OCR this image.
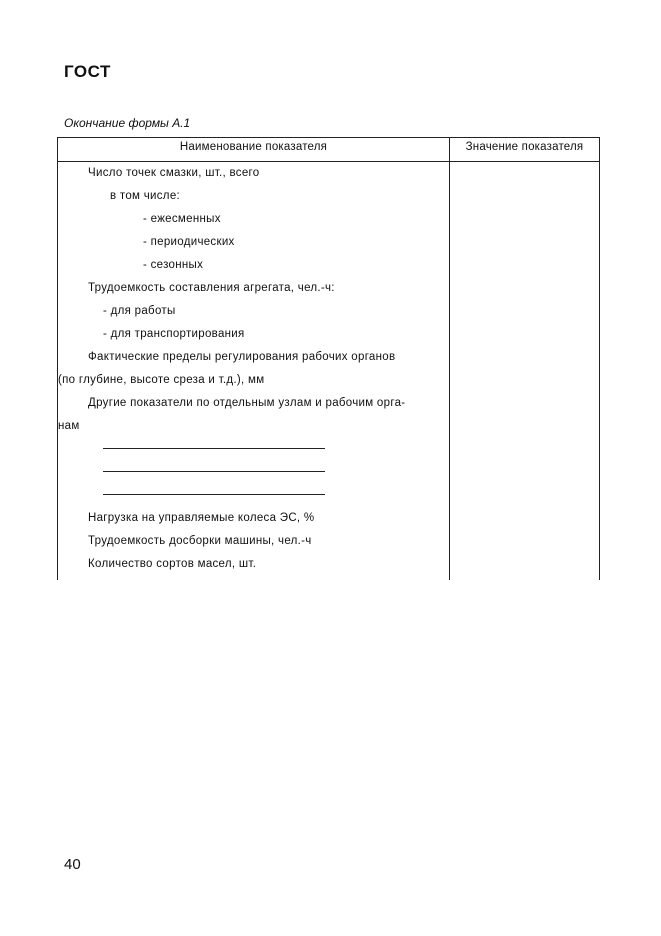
ГОСТ
Окончание формы А.1
Наименование показателя	Значение показателя
Число точек смазки, шт., всего
в том числе:
- ежесменных
- периодических
- сезонных
Трудоемкость составления агрегата, чел.-ч:
- для работы
- для транспортирования
Фактические пределы регулирования рабочих органов
(по глубине, высоте среза и т.д.), мм
Другие показатели по отдельным узлам и рабочим орга-
нам
Нагрузка на управляемые колеса ЭС, %
Трудоемкость досборки машины, чел.-ч
Количество сортов масел, шт.
40
